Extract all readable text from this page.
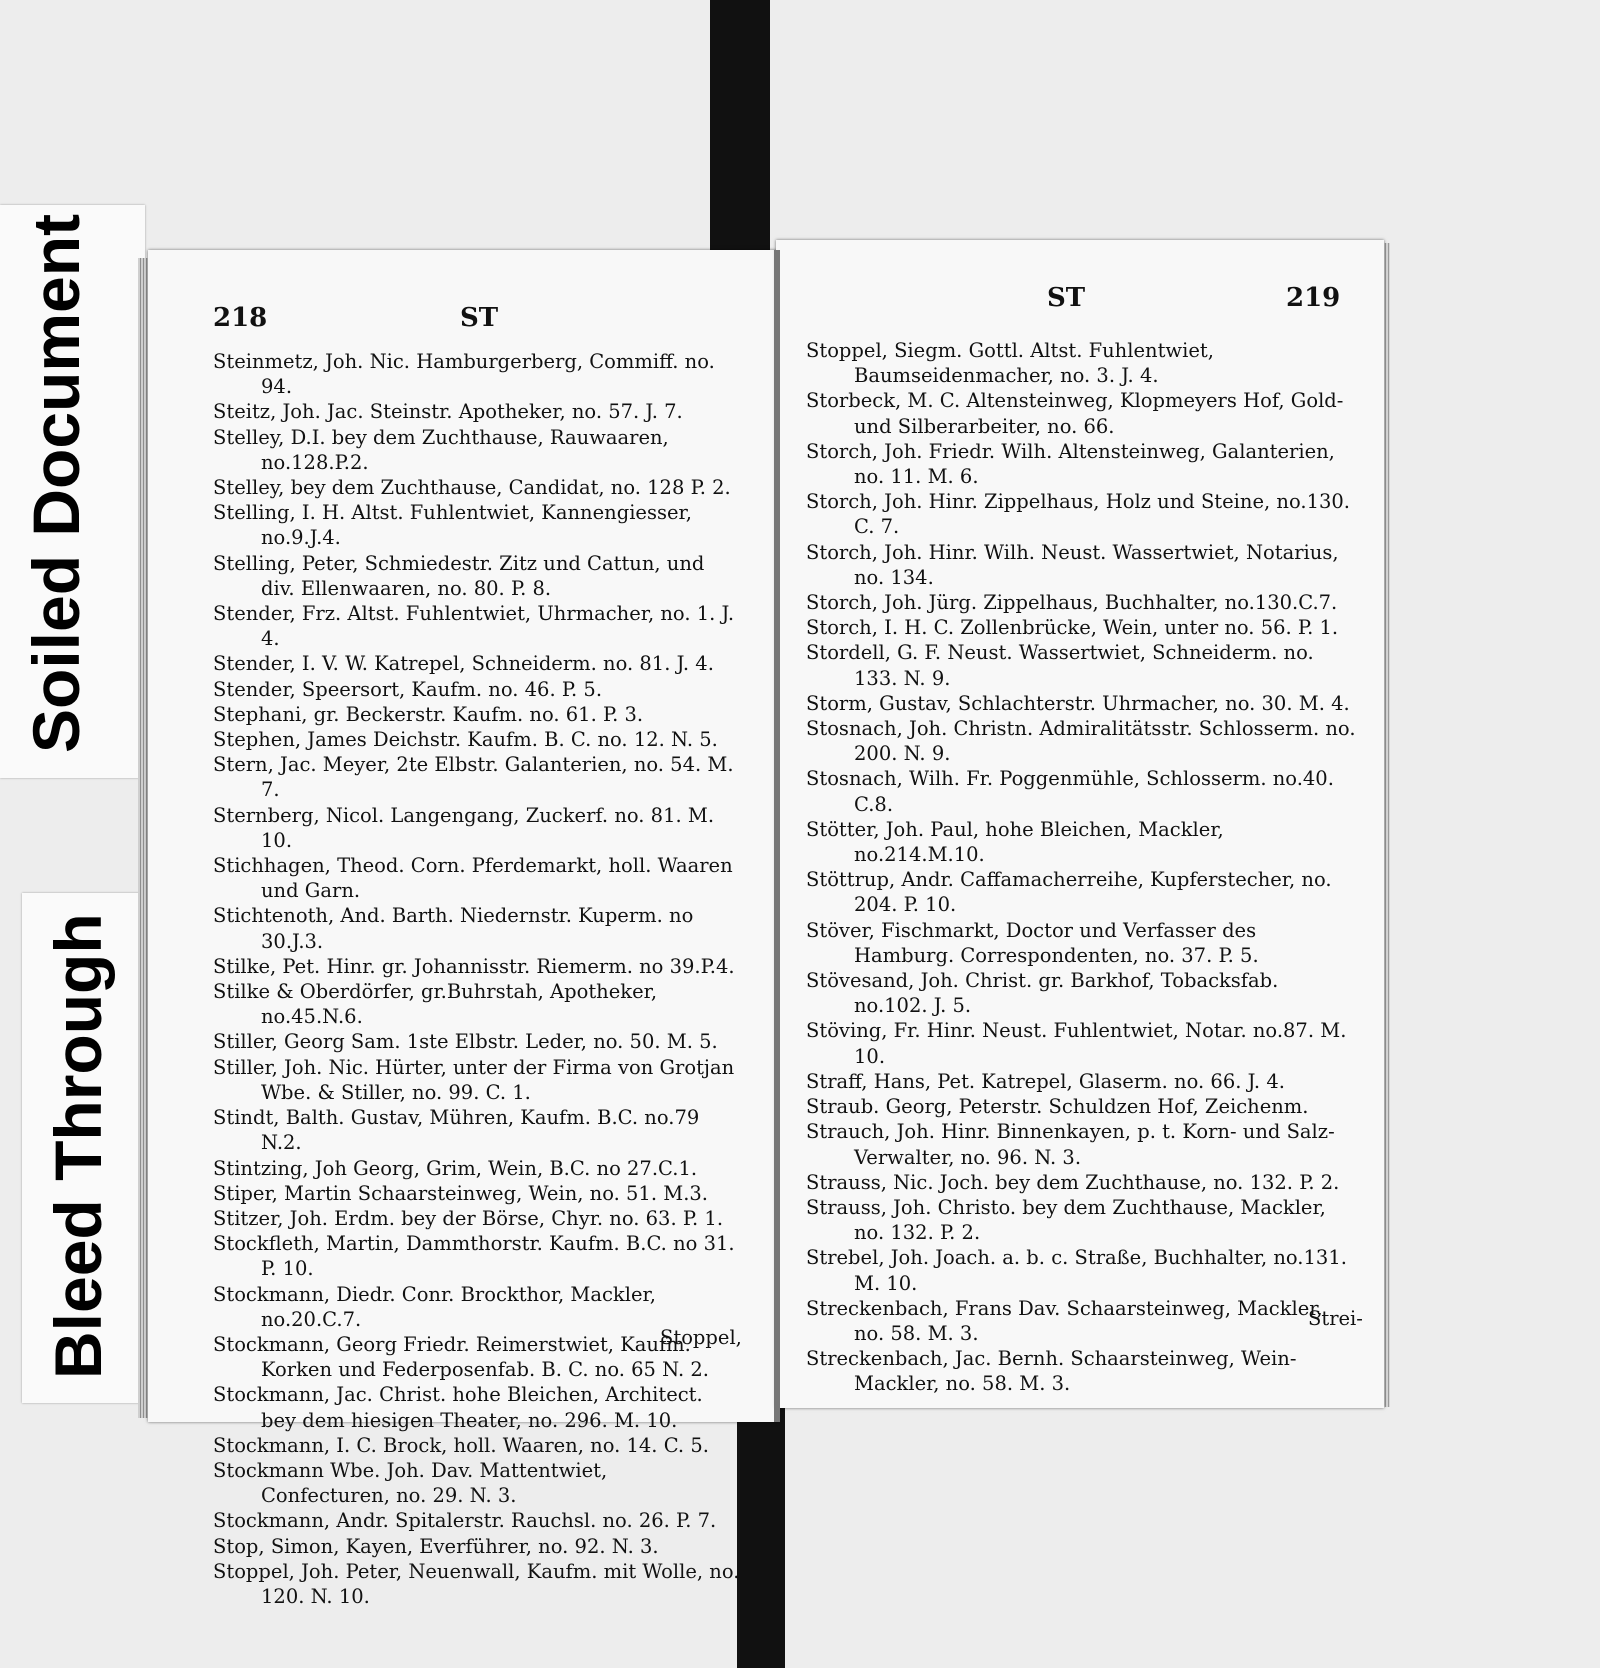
Soiled Document
Bleed Through
218	ST
ST	219
Steinmetz, Joh. Nic. Hamburgerberg, Commiff. no. 94.
Steitz, Joh. Jac. Steinstr. Apotheker, no. 57. J. 7.
Stelley, D.I. bey dem Zuchthause, Rauwaaren, no.128.P.2.
Stelley, bey dem Zuchthause, Candidat, no. 128 P. 2.
Stelling, I. H. Altst. Fuhlentwiet, Kannengiesser, no.9.J.4.
Stelling, Peter, Schmiedestr. Zitz und Cattun, und div. Ellenwaaren, no. 80. P. 8.
Stender, Frz. Altst. Fuhlentwiet, Uhrmacher, no. 1. J. 4.
Stender, I. V. W. Katrepel, Schneiderm. no. 81. J. 4.
Stender, Speersort, Kaufm. no. 46. P. 5.
Stephani, gr. Beckerstr. Kaufm. no. 61. P. 3.
Stephen, James Deichstr. Kaufm. B. C. no. 12. N. 5.
Stern, Jac. Meyer, 2te Elbstr. Galanterien, no. 54. M. 7.
Sternberg, Nicol. Langengang, Zuckerf. no. 81. M. 10.
Stichhagen, Theod. Corn. Pferdemarkt, holl. Waaren und Garn.
Stichtenoth, And. Barth. Niedernstr. Kuperm. no 30.J.3.
Stilke, Pet. Hinr. gr. Johannisstr. Riemerm. no 39.P.4.
Stilke & Oberdörfer, gr.Buhrstah, Apotheker, no.45.N.6.
Stiller, Georg Sam. 1ste Elbstr. Leder, no. 50. M. 5.
Stiller, Joh. Nic. Hürter, unter der Firma von Grotjan Wbe. & Stiller, no. 99. C. 1.
Stindt, Balth. Gustav, Mühren, Kaufm. B.C. no.79 N.2.
Stintzing, Joh Georg, Grim, Wein, B.C. no 27.C.1.
Stiper, Martin Schaarsteinweg, Wein, no. 51. M.3.
Stitzer, Joh. Erdm. bey der Börse, Chyr. no. 63. P. 1.
Stockfleth, Martin, Dammthorstr. Kaufm. B.C. no 31. P. 10.
Stockmann, Diedr. Conr. Brockthor, Mackler, no.20.C.7.
Stockmann, Georg Friedr. Reimerstwiet, Kaufm. Korken und Federposenfab. B. C. no. 65 N. 2.
Stockmann, Jac. Christ. hohe Bleichen, Architect. bey dem hiesigen Theater, no. 296. M. 10.
Stockmann, I. C. Brock, holl. Waaren, no. 14. C. 5.
Stockmann Wbe. Joh. Dav. Mattentwiet, Confecturen, no. 29. N. 3.
Stockmann, Andr. Spitalerstr. Rauchsl. no. 26. P. 7.
Stop, Simon, Kayen, Everführer, no. 92. N. 3.
Stoppel, Joh. Peter, Neuenwall, Kaufm. mit Wolle, no. 120. N. 10.
Stoppel,
Stoppel, Siegm. Gottl. Altst. Fuhlentwiet, Baumseidenmacher, no. 3. J. 4.
Storbeck, M. C. Altensteinweg, Klopmeyers Hof, Gold- und Silberarbeiter, no. 66.
Storch, Joh. Friedr. Wilh. Altensteinweg, Galanterien, no. 11. M. 6.
Storch, Joh. Hinr. Zippelhaus, Holz und Steine, no.130. C. 7.
Storch, Joh. Hinr. Wilh. Neust. Wassertwiet, Notarius, no. 134.
Storch, Joh. Jürg. Zippelhaus, Buchhalter, no.130.C.7.
Storch, I. H. C. Zollenbrücke, Wein, unter no. 56. P. 1.
Stordell, G. F. Neust. Wassertwiet, Schneiderm. no. 133. N. 9.
Storm, Gustav, Schlachterstr. Uhrmacher, no. 30. M. 4.
Stosnach, Joh. Christn. Admiralitätsstr. Schlosserm. no. 200. N. 9.
Stosnach, Wilh. Fr. Poggenmühle, Schlosserm. no.40. C.8.
Stötter, Joh. Paul, hohe Bleichen, Mackler, no.214.M.10.
Stöttrup, Andr. Caffamacherreihe, Kupferstecher, no. 204. P. 10.
Stöver, Fischmarkt, Doctor und Verfasser des Hamburg. Correspondenten, no. 37. P. 5.
Stövesand, Joh. Christ. gr. Barkhof, Tobacksfab. no.102. J. 5.
Stöving, Fr. Hinr. Neust. Fuhlentwiet, Notar. no.87. M. 10.
Straff, Hans, Pet. Katrepel, Glaserm. no. 66. J. 4.
Straub. Georg, Peterstr. Schuldzen Hof, Zeichenm.
Strauch, Joh. Hinr. Binnenkayen, p. t. Korn- und Salz-Verwalter, no. 96. N. 3.
Strauss, Nic. Joch. bey dem Zuchthause, no. 132. P. 2.
Strauss, Joh. Christo. bey dem Zuchthause, Mackler, no. 132. P. 2.
Strebel, Joh. Joach. a. b. c. Straße, Buchhalter, no.131. M. 10.
Streckenbach, Frans Dav. Schaarsteinweg, Mackler, no. 58. M. 3.
Streckenbach, Jac. Bernh. Schaarsteinweg, Wein-Mackler, no. 58. M. 3.
Strei-
